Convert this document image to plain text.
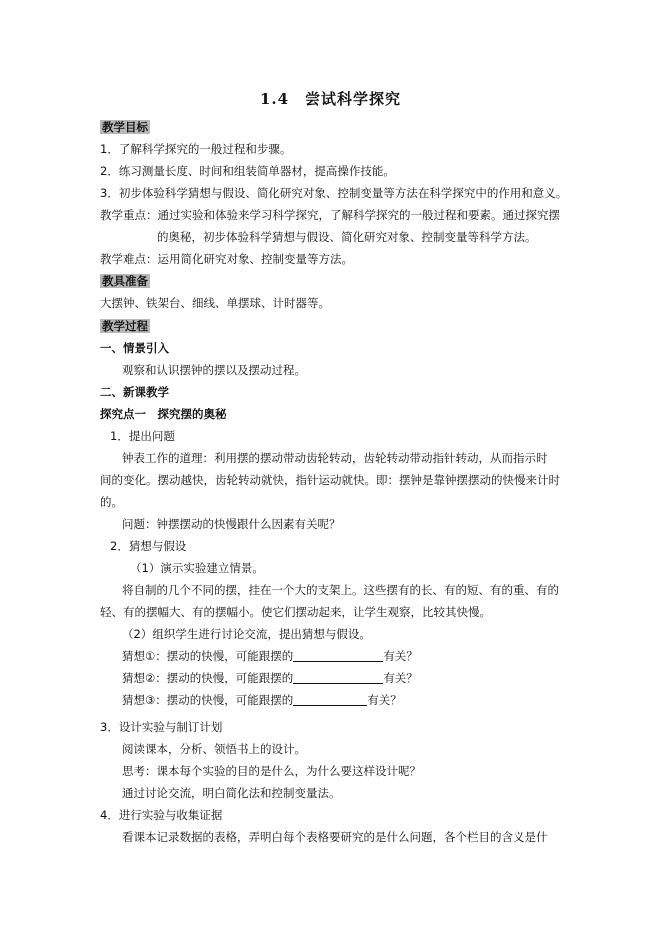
1.4　尝试科学探究
教学目标
1．了解科学探究的一般过程和步骤。
2．练习测量长度、时间和组装简单器材，提高操作技能。
3．初步体验科学猜想与假设、简化研究对象、控制变量等方法在科学探究中的作用和意义。
教学重点：通过实验和体验来学习科学探究，了解科学探究的一般过程和要素。通过探究摆
的奥秘，初步体验科学猜想与假设、简化研究对象、控制变量等科学方法。
教学难点：运用简化研究对象、控制变量等方法。
教具准备
大摆钟、铁架台、细线、单摆球、计时器等。
教学过程
一、情景引入
观察和认识摆钟的摆以及摆动过程。
二、新课教学
探究点一　探究摆的奥秘
1．提出问题
钟表工作的道理：利用摆的摆动带动齿轮转动，齿轮转动带动指针转动，从而指示时
间的变化。摆动越快，齿轮转动就快，指针运动就快。即：摆钟是靠钟摆摆动的快慢来计时
的。
问题：钟摆摆动的快慢跟什么因素有关呢？
2．猜想与假设
（1）演示实验建立情景。
将自制的几个不同的摆，挂在一个大的支架上。这些摆有的长、有的短、有的重、有的
轻、有的摆幅大、有的摆幅小。使它们摆动起来，让学生观察，比较其快慢。
（2）组织学生进行讨论交流，提出猜想与假设。
猜想①：摆动的快慢，可能跟摆的	有关？
猜想②：摆动的快慢，可能跟摆的	有关？
猜想③：摆动的快慢，可能跟摆的	有关？
3．设计实验与制订计划
阅读课本，分析、领悟书上的设计。
思考：课本每个实验的目的是什么，为什么要这样设计呢？
通过讨论交流，明白简化法和控制变量法。
4．进行实验与收集证据
看课本记录数据的表格，弄明白每个表格要研究的是什么问题，各个栏目的含义是什
